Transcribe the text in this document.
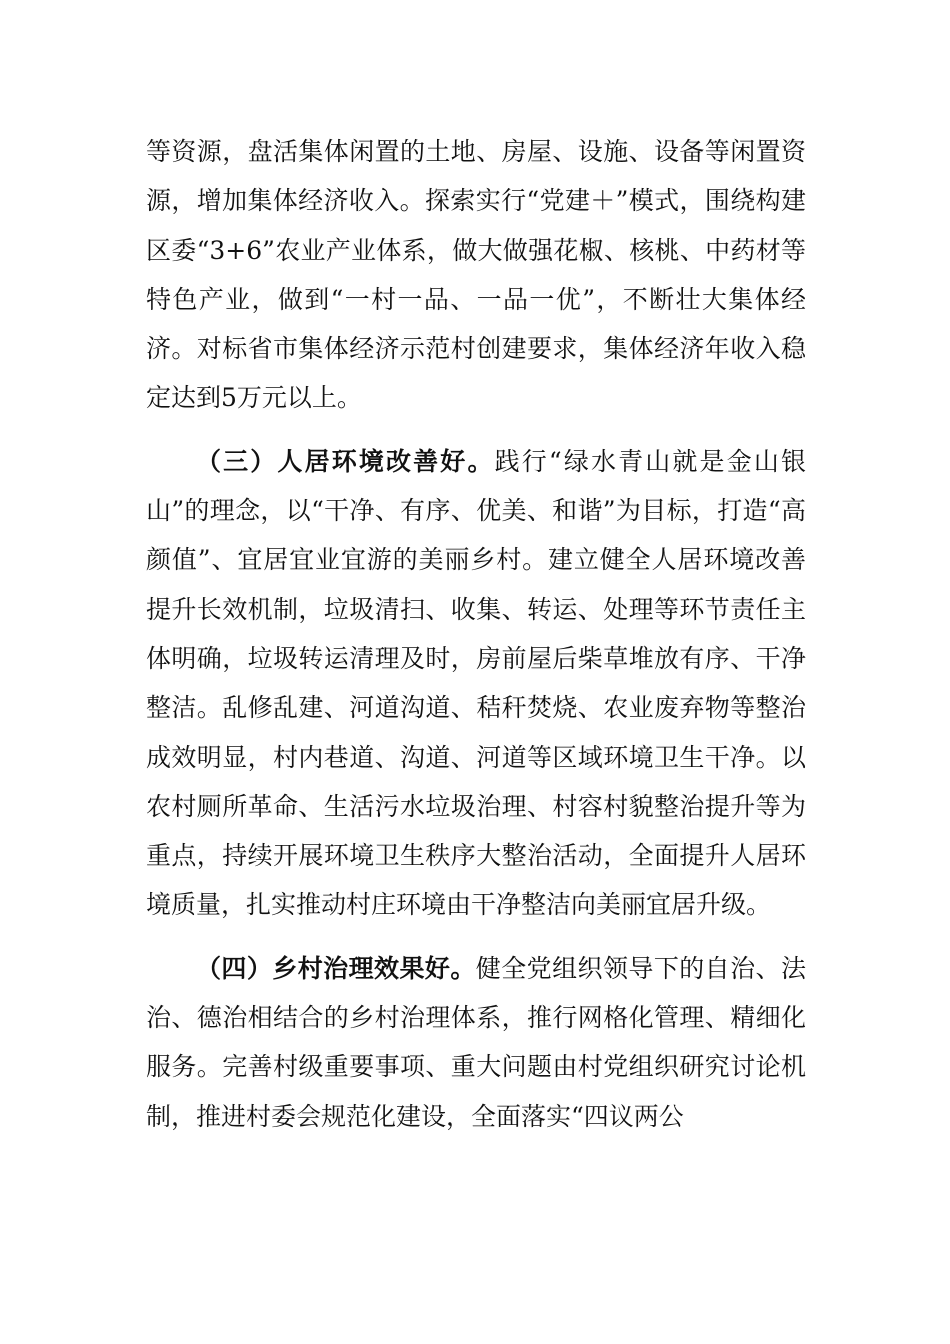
等资源，盘活集体闲置的土地、房屋、设施、设备等闲置资源，增加集体经济收入。探索实行“党建＋”模式，围绕构建区委“3+6”农业产业体系，做大做强花椒、核桃、中药材等特色产业，做到“一村一品、一品一优”，不断壮大集体经济。对标省市集体经济示范村创建要求，集体经济年收入稳定达到5万元以上。

（三）人居环境改善好。践行“绿水青山就是金山银山”的理念，以“干净、有序、优美、和谐”为目标，打造“高颜值”、宜居宜业宜游的美丽乡村。建立健全人居环境改善提升长效机制，垃圾清扫、收集、转运、处理等环节责任主体明确，垃圾转运清理及时，房前屋后柴草堆放有序、干净整洁。乱修乱建、河道沟道、秸秆焚烧、农业废弃物等整治成效明显，村内巷道、沟道、河道等区域环境卫生干净。以农村厕所革命、生活污水垃圾治理、村容村貌整治提升等为重点，持续开展环境卫生秩序大整治活动，全面提升人居环境质量，扎实推动村庄环境由干净整洁向美丽宜居升级。

（四）乡村治理效果好。健全党组织领导下的自治、法治、德治相结合的乡村治理体系，推行网格化管理、精细化服务。完善村级重要事项、重大问题由村党组织研究讨论机制，推进村委会规范化建设，全面落实“四议两公
